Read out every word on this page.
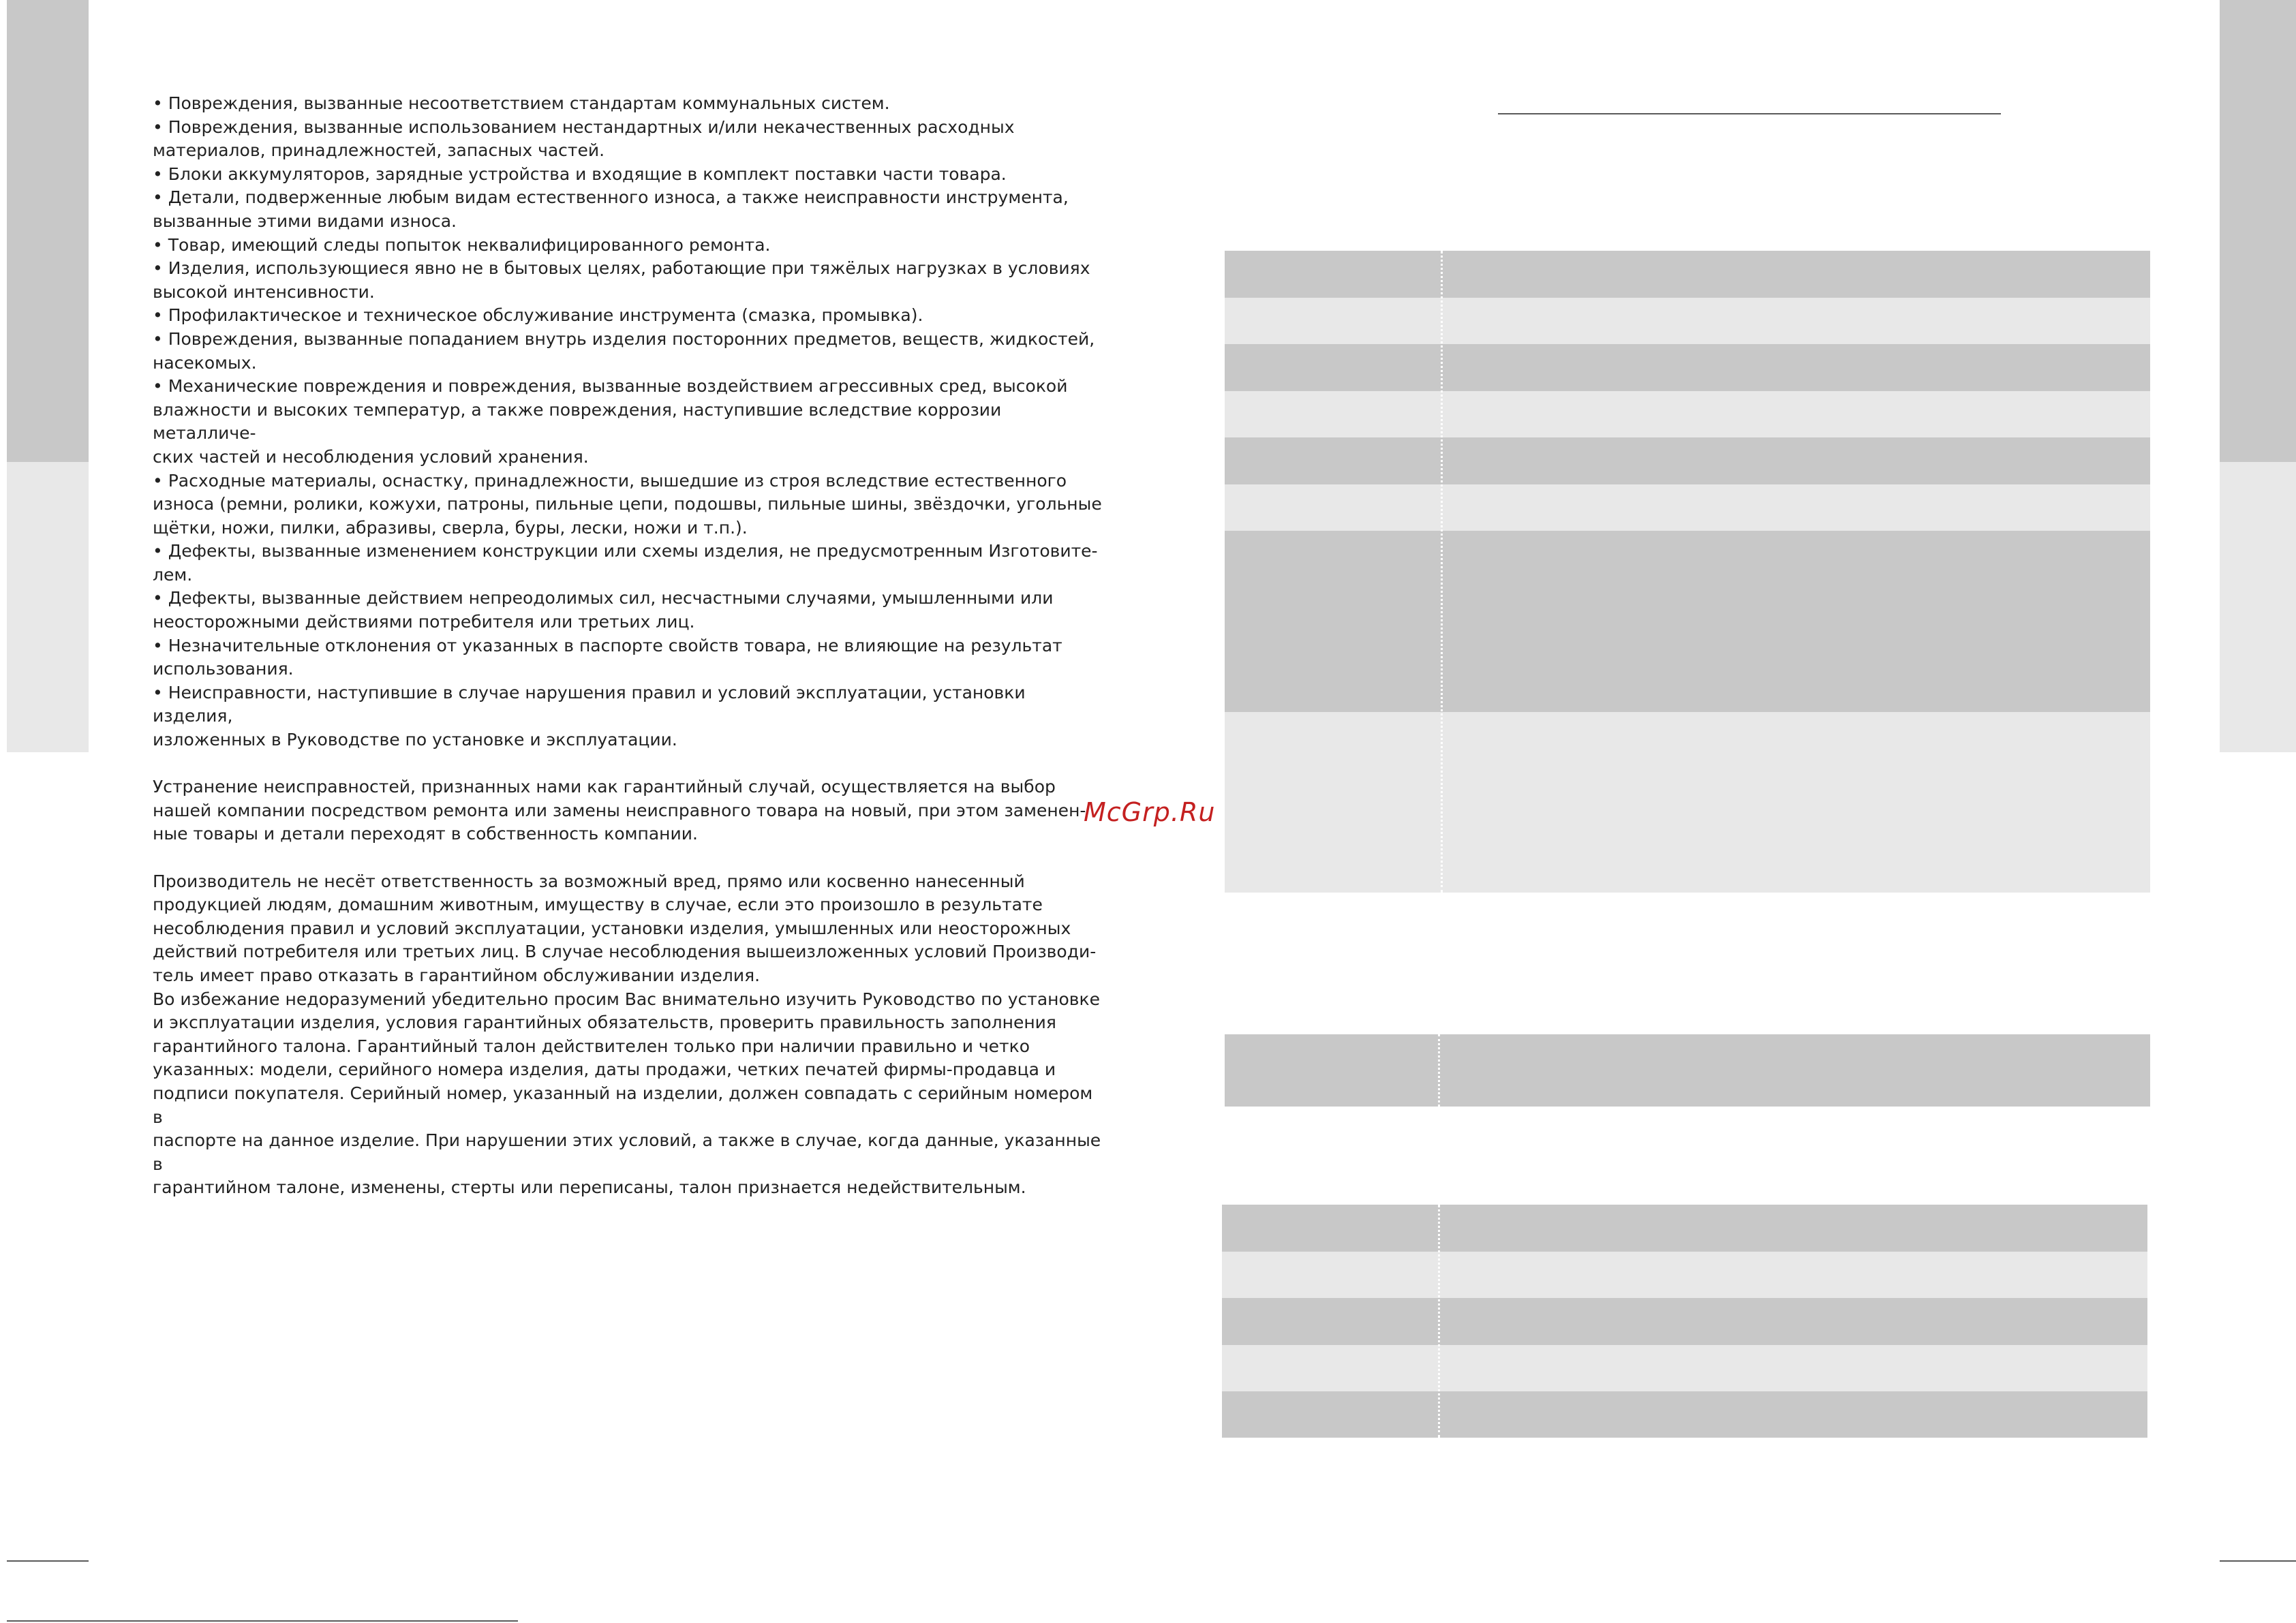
• Повреждения, вызванные несоответствием стандартам коммунальных систем.

• Повреждения, вызванные использованием нестандартных и/или некачественных расходных

материалов, принадлежностей, запасных частей.

• Блоки аккумуляторов, зарядные устройства и входящие в комплект поставки части товара.

• Детали, подверженные любым видам естественного износа, а также неисправности инструмента,

вызванные этими видами износа.

• Товар, имеющий следы попыток неквалифицированного ремонта.

• Изделия, использующиеся явно не в бытовых целях, работающие при тяжёлых нагрузках в условиях

высокой интенсивности.

• Профилактическое и техническое обслуживание инструмента (смазка, промывка).

• Повреждения, вызванные попаданием внутрь изделия посторонних предметов, веществ, жидкостей,

насекомых.

• Механические повреждения и повреждения, вызванные воздействием агрессивных сред, высокой

влажности и высоких температур, а также повреждения, наступившие вследствие коррозии металличе-

ских частей и несоблюдения условий хранения.

• Расходные материалы, оснастку, принадлежности, вышедшие из строя вследствие естественного

износа (ремни, ролики, кожухи, патроны, пильные цепи, подошвы, пильные шины, звёздочки, угольные

щётки, ножи, пилки, абразивы, сверла, буры, лески, ножи и т.п.).

• Дефекты, вызванные изменением конструкции или схемы изделия, не предусмотренным Изготовите-

лем.

• Дефекты, вызванные действием непреодолимых сил, несчастными случаями, умышленными или

неосторожными действиями потребителя или третьих лиц.

• Незначительные отклонения от указанных в паспорте свойств товара, не влияющие на результат

использования.

• Неисправности, наступившие в случае нарушения правил и условий эксплуатации, установки изделия,

изложенных в Руководстве по установке и эксплуатации.

Устранение неисправностей, признанных нами как гарантийный случай, осуществляется на выбор

нашей компании посредством ремонта или замены неисправного товара на новый, при этом заменен-

ные товары и детали переходят в собственность компании.

Производитель не несёт ответственность за возможный вред, прямо или косвенно нанесенный

продукцией людям, домашним животным, имуществу в случае, если это произошло в результате

несоблюдения правил и условий эксплуатации, установки изделия, умышленных или неосторожных

действий потребителя или третьих лиц. В случае несоблюдения вышеизложенных условий Производи-

тель имеет право отказать в гарантийном обслуживании изделия.

Во избежание недоразумений убедительно просим Вас внимательно изучить Руководство по установке

и эксплуатации изделия, условия гарантийных обязательств, проверить правильность заполнения

гарантийного талона. Гарантийный талон действителен только при наличии правильно и четко

указанных: модели, серийного номера изделия, даты продажи, четких печатей фирмы-продавца и

подписи покупателя. Серийный номер, указанный на изделии, должен совпадать с серийным номером в

паспорте на данное изделие. При нарушении этих условий, а также в случае, когда данные, указанные в

гарантийном талоне, изменены, стерты или переписаны, талон признается недействительным.

McGrp.Ru
